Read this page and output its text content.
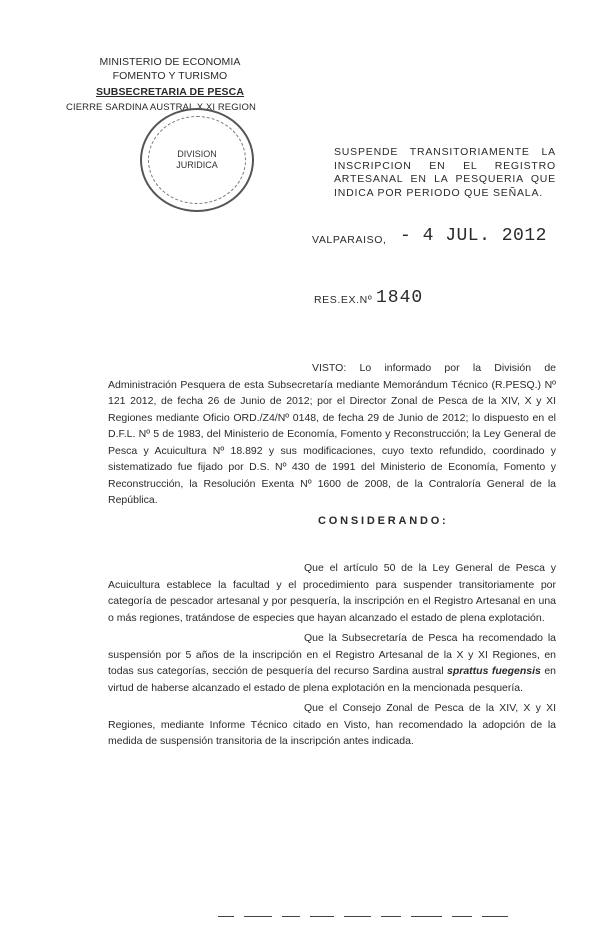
MINISTERIO DE ECONOMIA
FOMENTO Y TURISMO
SUBSECRETARIA DE PESCA
CIERRE SARDINA AUSTRAL X XI REGION
DIVISION
JURIDICA
SUSPENDE TRANSITORIAMENTE LA INSCRIPCION EN EL REGISTRO ARTESANAL EN LA PESQUERIA QUE INDICA POR PERIODO QUE SEÑALA.
VALPARAISO, - 4 JUL. 2012
RES.EX.Nº 1840
VISTO: Lo informado por la División de Administración Pesquera de esta Subsecretaría mediante Memorándum Técnico (R.PESQ.) Nº 121 2012, de fecha 26 de Junio de 2012; por el Director Zonal de Pesca de la XIV, X y XI Regiones mediante Oficio ORD./Z4/Nº 0148, de fecha 29 de Junio de 2012; lo dispuesto en el D.F.L. Nº 5 de 1983, del Ministerio de Economía, Fomento y Reconstrucción; la Ley General de Pesca y Acuicultura Nº 18.892 y sus modificaciones, cuyo texto refundido, coordinado y sistematizado fue fijado por D.S. Nº 430 de 1991 del Ministerio de Economía, Fomento y Reconstrucción, la Resolución Exenta Nº 1600 de 2008, de la Contraloría General de la República.
CONSIDERANDO:
Que el artículo 50 de la Ley General de Pesca y Acuicultura establece la facultad y el procedimiento para suspender transitoriamente por categoría de pescador artesanal y por pesquería, la inscripción en el Registro Artesanal en una o más regiones, tratándose de especies que hayan alcanzado el estado de plena explotación.
Que la Subsecretaría de Pesca ha recomendado la suspensión por 5 años de la inscripción en el Registro Artesanal de la X y XI Regiones, en todas sus categorías, sección de pesquería del recurso Sardina austral sprattus fuegensis en virtud de haberse alcanzado el estado de plena explotación en la mencionada pesquería.
Que el Consejo Zonal de Pesca de la XIV, X y XI Regiones, mediante Informe Técnico citado en Visto, han recomendado la adopción de la medida de suspensión transitoria de la inscripción antes indicada.
